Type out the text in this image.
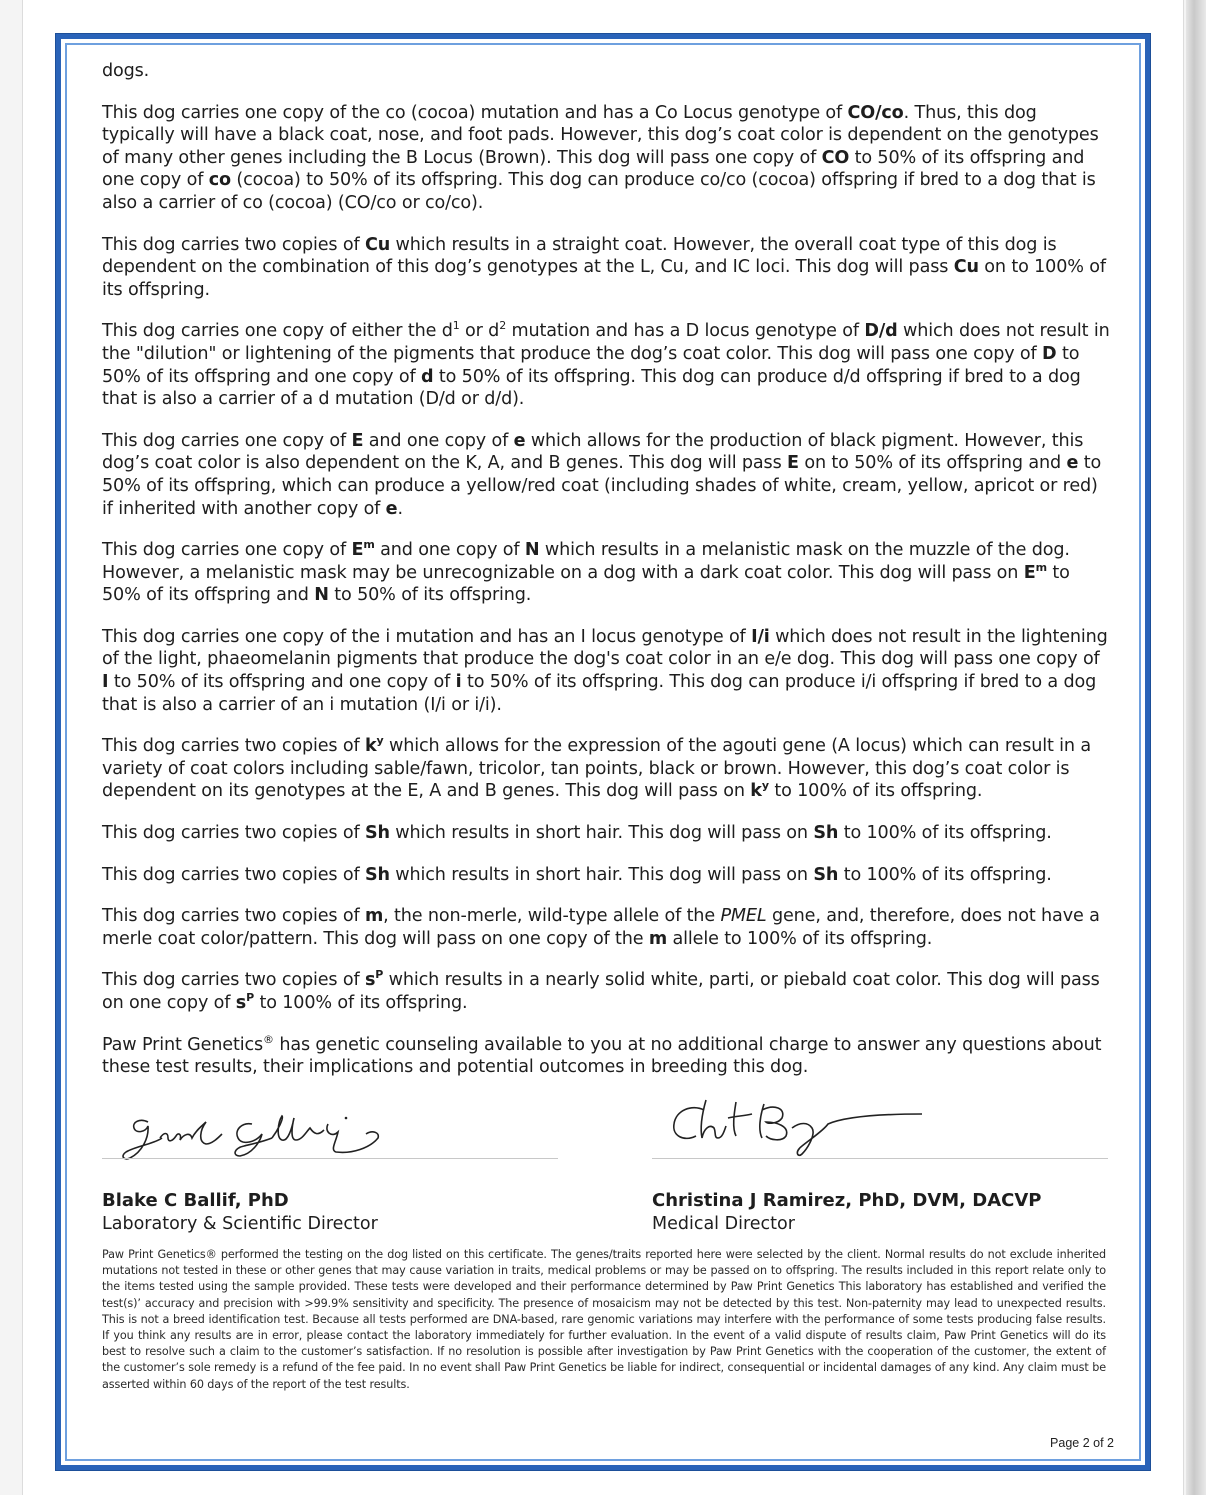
dogs.

This dog carries one copy of the co (cocoa) mutation and has a Co Locus genotype of CO/co. Thus, this dog typically will have a black coat, nose, and foot pads. However, this dog’s coat color is dependent on the genotypes of many other genes including the B Locus (Brown). This dog will pass one copy of CO to 50% of its offspring and one copy of co (cocoa) to 50% of its offspring. This dog can produce co/co (cocoa) offspring if bred to a dog that is also a carrier of co (cocoa) (CO/co or co/co).

This dog carries two copies of Cu which results in a straight coat. However, the overall coat type of this dog is dependent on the combination of this dog’s genotypes at the L, Cu, and IC loci. This dog will pass Cu on to 100% of its offspring.

This dog carries one copy of either the $d^1$ or $d^2$ mutation and has a D locus genotype of D/d which does not result in the "dilution" or lightening of the pigments that produce the dog’s coat color. This dog will pass one copy of D to 50% of its offspring and one copy of d to 50% of its offspring. This dog can produce d/d offspring if bred to a dog that is also a carrier of a d mutation (D/d or d/d).

This dog carries one copy of E and one copy of e which allows for the production of black pigment. However, this dog’s coat color is also dependent on the K, A, and B genes. This dog will pass E on to 50% of its offspring and e to 50% of its offspring, which can produce a yellow/red coat (including shades of white, cream, yellow, apricot or red) if inherited with another copy of e.

This dog carries one copy of $E^m$ and one copy of N which results in a melanistic mask on the muzzle of the dog. However, a melanistic mask may be unrecognizable on a dog with a dark coat color. This dog will pass on $E^m$ to 50% of its offspring and N to 50% of its offspring.

This dog carries one copy of the i mutation and has an I locus genotype of I/i which does not result in the lightening of the light, phaeomelanin pigments that produce the dog's coat color in an e/e dog. This dog will pass one copy of I to 50% of its offspring and one copy of i to 50% of its offspring. This dog can produce i/i offspring if bred to a dog that is also a carrier of an i mutation (I/i or i/i).

This dog carries two copies of $k^y$ which allows for the expression of the agouti gene (A locus) which can result in a variety of coat colors including sable/fawn, tricolor, tan points, black or brown. However, this dog’s coat color is dependent on its genotypes at the E, A and B genes. This dog will pass on $k^y$ to 100% of its offspring.

This dog carries two copies of Sh which results in short hair. This dog will pass on Sh to 100% of its offspring.

This dog carries two copies of Sh which results in short hair. This dog will pass on Sh to 100% of its offspring.

This dog carries two copies of m, the non-merle, wild-type allele of the PMEL gene, and, therefore, does not have a merle coat color/pattern. This dog will pass on one copy of the m allele to 100% of its offspring.

This dog carries two copies of $s^P$ which results in a nearly solid white, parti, or piebald coat color. This dog will pass on one copy of $s^P$ to 100% of its offspring.

Paw Print Genetics® has genetic counseling available to you at no additional charge to answer any questions about these test results, their implications and potential outcomes in breeding this dog.

Blake C Ballif, PhD
Laboratory & Scientific Director
Christina J Ramirez, PhD, DVM, DACVP
Medical Director
Paw Print Genetics® performed the testing on the dog listed on this certificate. The genes/traits reported here were selected by the client. Normal results do not exclude inherited mutations not tested in these or other genes that may cause variation in traits, medical problems or may be passed on to offspring. The results included in this report relate only to the items tested using the sample provided. These tests were developed and their performance determined by Paw Print Genetics This laboratory has established and verified the test(s)’ accuracy and precision with >99.9% sensitivity and specificity. The presence of mosaicism may not be detected by this test. Non-paternity may lead to unexpected results. This is not a breed identification test. Because all tests performed are DNA-based, rare genomic variations may interfere with the performance of some tests producing false results. If you think any results are in error, please contact the laboratory immediately for further evaluation. In the event of a valid dispute of results claim, Paw Print Genetics will do its best to resolve such a claim to the customer’s satisfaction. If no resolution is possible after investigation by Paw Print Genetics with the cooperation of the customer, the extent of the customer’s sole remedy is a refund of the fee paid. In no event shall Paw Print Genetics be liable for indirect, consequential or incidental damages of any kind. Any claim must be asserted within 60 days of the report of the test results.
Page 2 of 2
